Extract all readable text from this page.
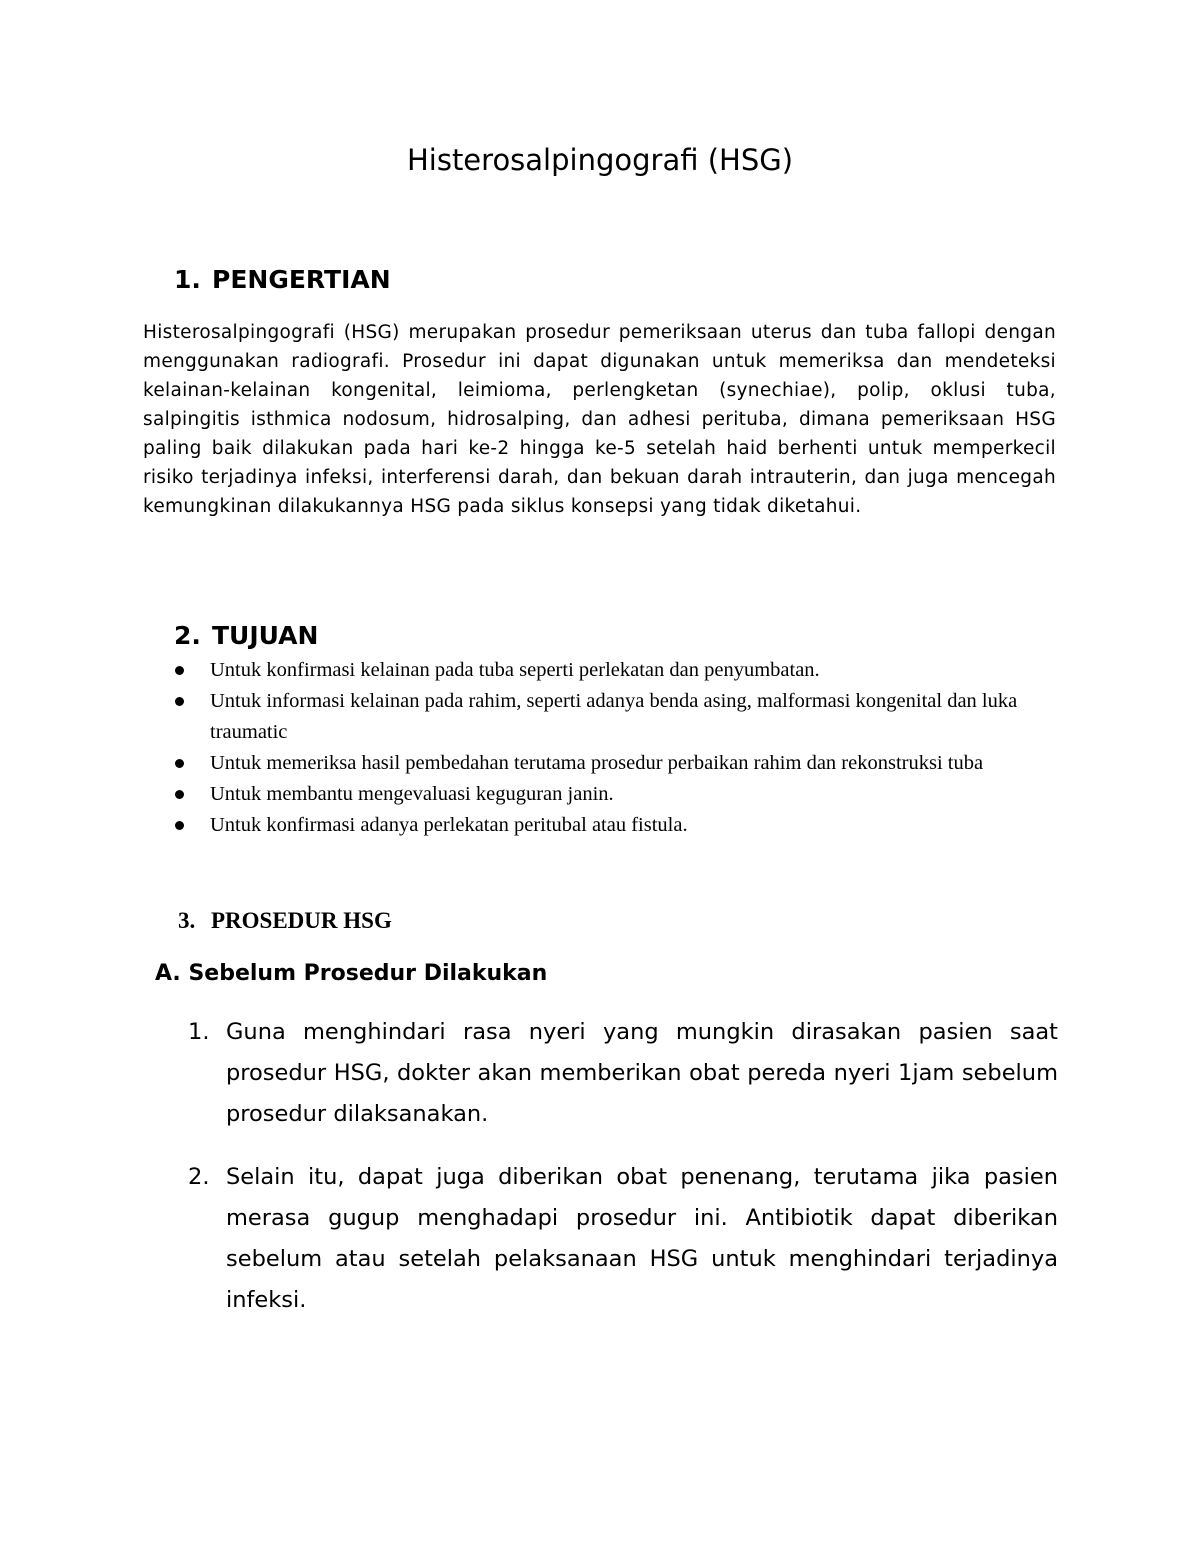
Histerosalpingografi (HSG)
1. PENGERTIAN
Histerosalpingografi (HSG) merupakan prosedur pemeriksaan uterus dan tuba fallopi dengan menggunakan radiografi. Prosedur ini dapat digunakan untuk memeriksa dan mendeteksi kelainan-kelainan kongenital, leimioma, perlengketan (synechiae), polip, oklusi tuba, salpingitis isthmica nodosum, hidrosalping, dan adhesi perituba, dimana pemeriksaan HSG paling baik dilakukan pada hari ke-2 hingga ke-5 setelah haid berhenti untuk memperkecil risiko terjadinya infeksi, interferensi darah, dan bekuan darah intrauterin, dan juga mencegah kemungkinan dilakukannya HSG pada siklus konsepsi yang tidak diketahui.
2. TUJUAN
Untuk konfirmasi kelainan pada tuba seperti perlekatan dan penyumbatan.
Untuk informasi kelainan pada rahim, seperti adanya benda asing, malformasi kongenital dan luka traumatic
Untuk memeriksa hasil pembedahan terutama prosedur perbaikan rahim dan rekonstruksi tuba
Untuk membantu mengevaluasi keguguran janin.
Untuk konfirmasi adanya perlekatan peritubal atau fistula.
3. PROSEDUR HSG
A. Sebelum Prosedur Dilakukan
1. Guna menghindari rasa nyeri yang mungkin dirasakan pasien saat prosedur HSG, dokter akan memberikan obat pereda nyeri 1jam sebelum prosedur dilaksanakan.
2. Selain itu, dapat juga diberikan obat penenang, terutama jika pasien merasa gugup menghadapi prosedur ini. Antibiotik dapat diberikan sebelum atau setelah pelaksanaan HSG untuk menghindari terjadinya infeksi.
